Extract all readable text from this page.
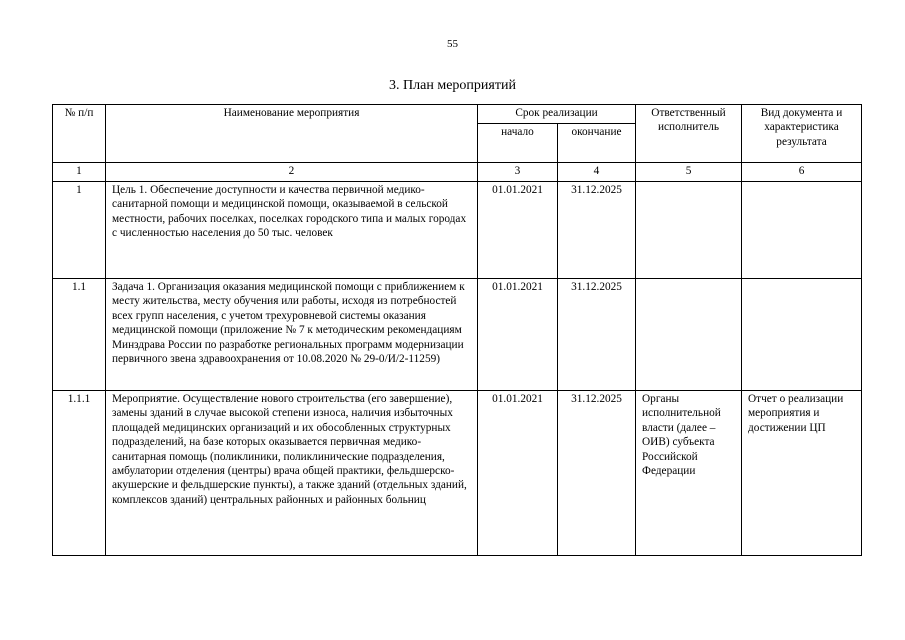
55
3. План мероприятий
№ п/п	Наименование мероприятия	Срок реализации		Ответственный исполнитель	Вид документа и характеристика результата
		начало	окончание		
1	2	3	4	5	6
1	Цель 1. Обеспечение доступности и качества первичной медико-санитарной помощи и медицинской помощи, оказываемой в сельской местности, рабочих поселках, поселках городского типа и малых городах с численностью населения до 50 тыс. человек	01.01.2021	31.12.2025		
1.1	Задача 1. Организация оказания медицинской помощи с приближением к месту жительства, месту обучения или работы, исходя из потребностей всех групп населения, с учетом трехуровневой системы оказания медицинской помощи (приложение № 7 к методическим рекомендациям Минздрава России по разработке региональных программ модернизации первичного звена здравоохранения от 10.08.2020 № 29-0/И/2-11259)	01.01.2021	31.12.2025		
1.1.1	Мероприятие. Осуществление нового строительства (его завершение), замены зданий в случае высокой степени износа, наличия избыточных площадей медицинских организаций и их обособленных структурных подразделений, на базе которых оказывается первичная медико-санитарная помощь (поликлиники, поликлинические подразделения, амбулатории отделения (центры) врача общей практики, фельдшерско-акушерские и фельдшерские пункты), а также зданий (отдельных зданий, комплексов зданий) центральных районных и районных больниц	01.01.2021	31.12.2025	Органы исполнительной власти (далее – ОИВ) субъекта Российской Федерации	Отчет о реализации мероприятия и достижении ЦП
